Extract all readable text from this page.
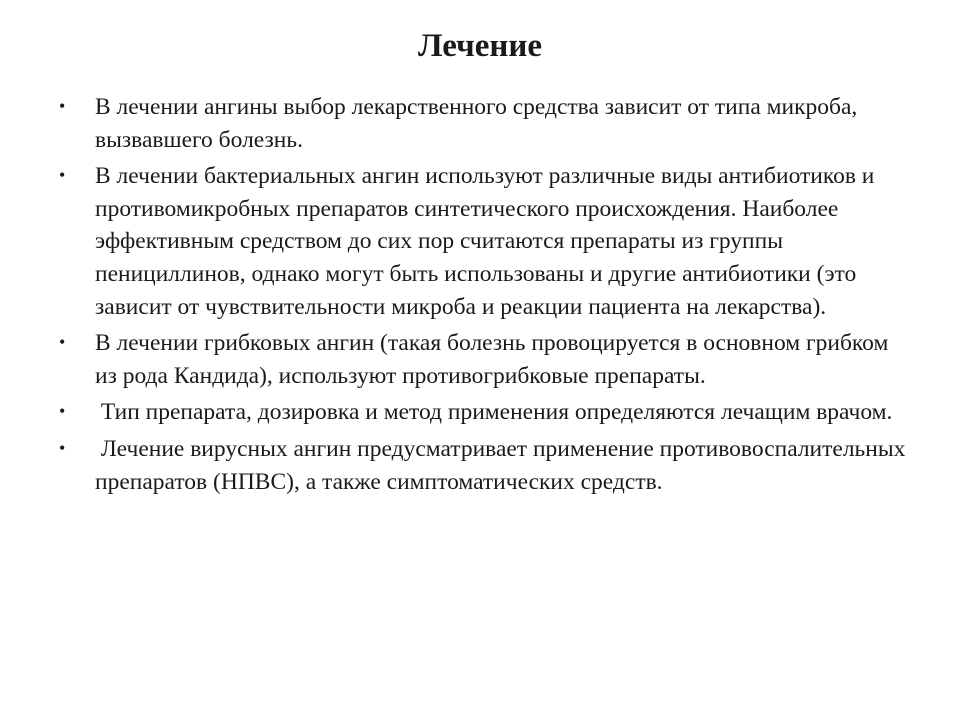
Лечение
• В лечении ангины выбор лекарственного средства зависит от типа микроба, вызвавшего болезнь.
• В лечении бактериальных ангин используют различные виды антибиотиков и противомикробных препаратов синтетического происхождения. Наиболее эффективным средством до сих пор считаются препараты из группы пенициллинов, однако могут быть использованы и другие антибиотики (это зависит от чувствительности микроба и реакции пациента на лекарства).
• В лечении грибковых ангин (такая болезнь провоцируется в основном грибком из рода Кандида), используют противогрибковые препараты.
• Тип препарата, дозировка и метод применения определяются лечащим врачом.
• Лечение вирусных ангин предусматривает применение противовоспалительных препаратов (НПВС), а также симптоматических средств.
